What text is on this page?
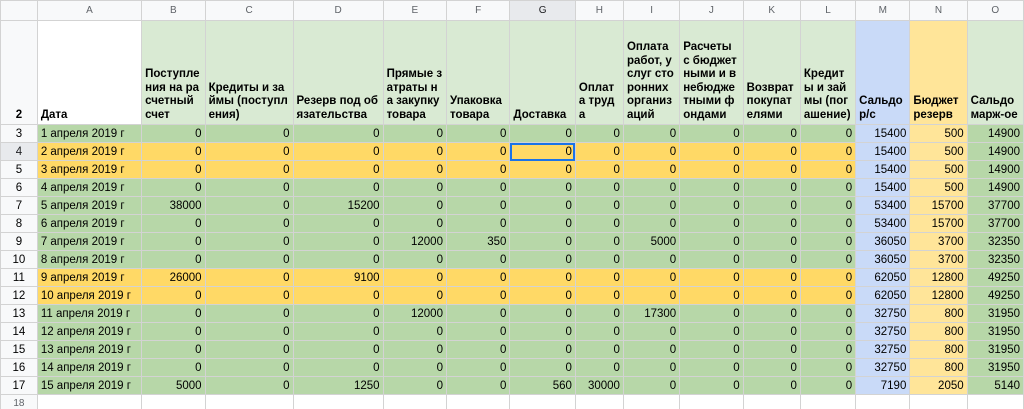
	A	B	C	D	E	F	G	H	I	J	K	L	M	N	O
2	Дата	Поступления на расчетный счет	Кредиты и займы (поступления)	Резерв под обязательства	Прямые затраты на закупку товара	Упаковка товара	Доставка	Оплата труда	Оплата работ, услуг сторонних организаций	Расчеты с бюджетными и внебюджетными фондами	Возврат покупателями	Кредиты и займы (погашение)	Сальдо р/с	Бюджет резерв	Сальдо марж-ое
3	1 апреля 2019 г	0	0	0	0	0	0	0	0	0	0	0	15400	500	14900
4	2 апреля 2019 г	0	0	0	0	0	0	0	0	0	0	0	15400	500	14900
5	3 апреля 2019 г	0	0	0	0	0	0	0	0	0	0	0	15400	500	14900
6	4 апреля 2019 г	0	0	0	0	0	0	0	0	0	0	0	15400	500	14900
7	5 апреля 2019 г	38000	0	15200	0	0	0	0	0	0	0	0	53400	15700	37700
8	6 апреля 2019 г	0	0	0	0	0	0	0	0	0	0	0	53400	15700	37700
9	7 апреля 2019 г	0	0	0	12000	350	0	0	5000	0	0	0	36050	3700	32350
10	8 апреля 2019 г	0	0	0	0	0	0	0	0	0	0	0	36050	3700	32350
11	9 апреля 2019 г	26000	0	9100	0	0	0	0	0	0	0	0	62050	12800	49250
12	10 апреля 2019 г	0	0	0	0	0	0	0	0	0	0	0	62050	12800	49250
13	11 апреля 2019 г	0	0	0	12000	0	0	0	17300	0	0	0	32750	800	31950
14	12 апреля 2019 г	0	0	0	0	0	0	0	0	0	0	0	32750	800	31950
15	13 апреля 2019 г	0	0	0	0	0	0	0	0	0	0	0	32750	800	31950
16	14 апреля 2019 г	0	0	0	0	0	0	0	0	0	0	0	32750	800	31950
17	15 апреля 2019 г	5000	0	1250	0	0	560	30000	0	0	0	0	7190	2050	5140
18															
